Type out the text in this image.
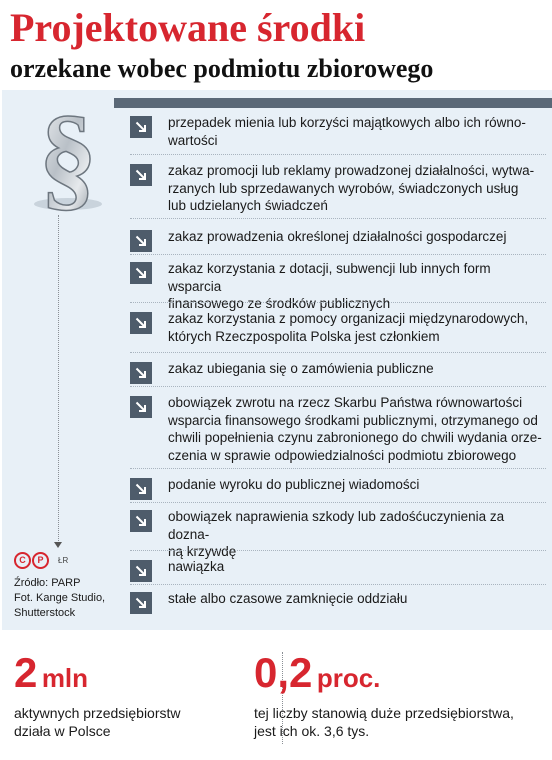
Projektowane środki
orzekane wobec podmiotu zbiorowego
§	przepadek mienia lub korzyści majątkowych albo ich równo-
wartości
zakaz promocji lub reklamy prowadzonej działalności, wytwa-
rzanych lub sprzedawanych wyrobów, świadczonych usług
lub udzielanych świadczeń
zakaz prowadzenia określonej działalności gospodarczej
zakaz korzystania z dotacji, subwencji lub innych form wsparcia
finansowego ze środków publicznych
zakaz korzystania z pomocy organizacji międzynarodowych,
których Rzeczpospolita Polska jest członkiem
zakaz ubiegania się o zamówienia publiczne
obowiązek zwrotu na rzecz Skarbu Państwa równowartości
wsparcia finansowego środkami publicznymi, otrzymanego od
chwili popełnienia czynu zabronionego do chwili wydania orze-
czenia w sprawie odpowiedzialności podmiotu zbiorowego
podanie wyroku do publicznej wiadomości
obowiązek naprawienia szkody lub zadośćuczynienia za dozna-
ną krzywdę
nawiązka
stałe albo czasowe zamknięcie oddziału
C	P	ŁR
Źródło: PARP
Fot. Kange Studio,
Shutterstock
2 mln
aktywnych przedsiębiorstw
działa w Polsce
0,2 proc.
tej liczby stanowią duże przedsiębiorstwa,
jest ich ok. 3,6 tys.
